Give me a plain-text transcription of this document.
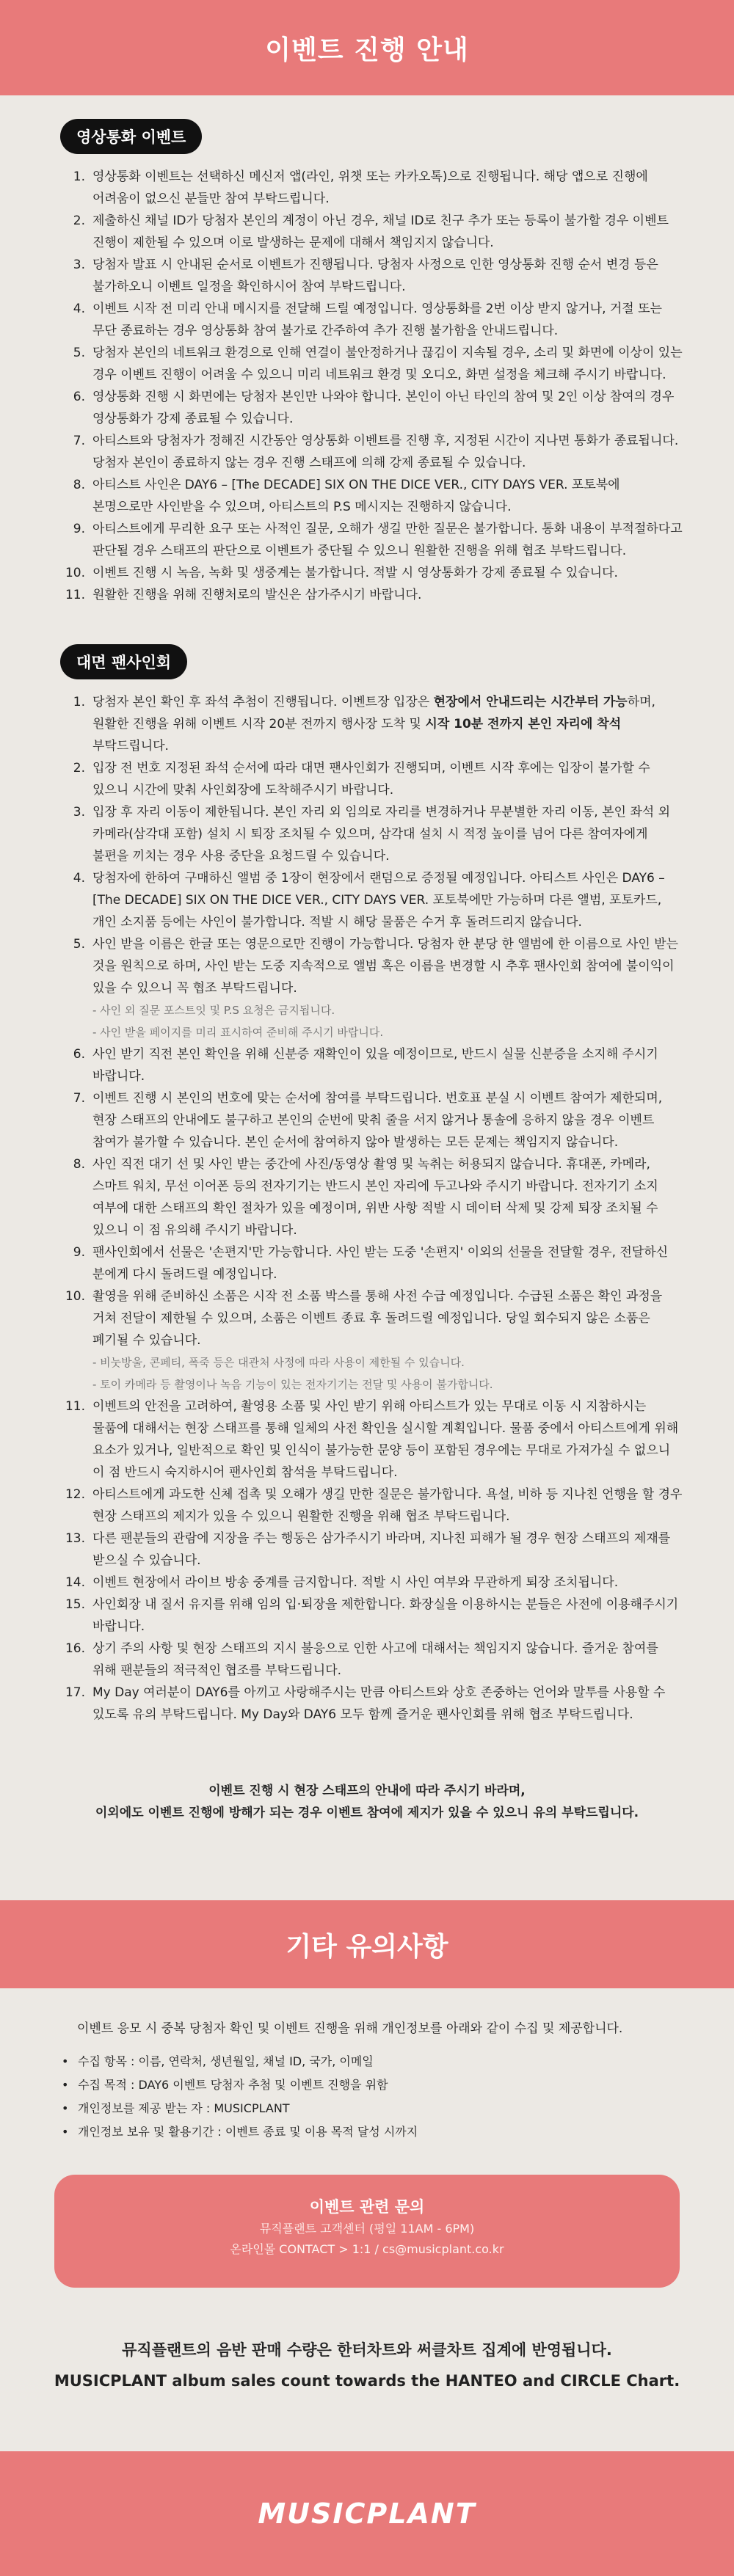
이벤트 진행 안내
영상통화 이벤트
1. 영상통화 이벤트는 선택하신 메신저 앱(라인, 위챗 또는 카카오톡)으로 진행됩니다. 해당 앱으로 진행에 어려움이 없으신 분들만 참여 부탁드립니다.
2. 제출하신 채널 ID가 당첨자 본인의 계정이 아닌 경우, 채널 ID로 친구 추가 또는 등록이 불가할 경우 이벤트 진행이 제한될 수 있으며 이로 발생하는 문제에 대해서 책임지지 않습니다.
3. 당첨자 발표 시 안내된 순서로 이벤트가 진행됩니다. 당첨자 사정으로 인한 영상통화 진행 순서 변경 등은 불가하오니 이벤트 일정을 확인하시어 참여 부탁드립니다.
4. 이벤트 시작 전 미리 안내 메시지를 전달해 드릴 예정입니다. 영상통화를 2번 이상 받지 않거나, 거절 또는 무단 종료하는 경우 영상통화 참여 불가로 간주하여 추가 진행 불가함을 안내드립니다.
5. 당첨자 본인의 네트워크 환경으로 인해 연결이 불안정하거나 끊김이 지속될 경우, 소리 및 화면에 이상이 있는 경우 이벤트 진행이 어려울 수 있으니 미리 네트워크 환경 및 오디오, 화면 설정을 체크해 주시기 바랍니다.
6. 영상통화 진행 시 화면에는 당첨자 본인만 나와야 합니다. 본인이 아닌 타인의 참여 및 2인 이상 참여의 경우 영상통화가 강제 종료될 수 있습니다.
7. 아티스트와 당첨자가 정해진 시간동안 영상통화 이벤트를 진행 후, 지정된 시간이 지나면 통화가 종료됩니다. 당첨자 본인이 종료하지 않는 경우 진행 스태프에 의해 강제 종료될 수 있습니다.
8. 아티스트 사인은 DAY6 – [The DECADE] SIX ON THE DICE VER., CITY DAYS VER. 포토북에 본명으로만 사인받을 수 있으며, 아티스트의 P.S 메시지는 진행하지 않습니다.
9. 아티스트에게 무리한 요구 또는 사적인 질문, 오해가 생길 만한 질문은 불가합니다. 통화 내용이 부적절하다고 판단될 경우 스태프의 판단으로 이벤트가 중단될 수 있으니 원활한 진행을 위해 협조 부탁드립니다.
10. 이벤트 진행 시 녹음, 녹화 및 생중계는 불가합니다. 적발 시 영상통화가 강제 종료될 수 있습니다.
11. 원활한 진행을 위해 진행처로의 발신은 삼가주시기 바랍니다.
대면 팬사인회
1. 당첨자 본인 확인 후 좌석 추첨이 진행됩니다. 이벤트장 입장은 현장에서 안내드리는 시간부터 가능하며, 원활한 진행을 위해 이벤트 시작 20분 전까지 행사장 도착 및 시작 10분 전까지 본인 자리에 착석 부탁드립니다.
2. 입장 전 번호 지정된 좌석 순서에 따라 대면 팬사인회가 진행되며, 이벤트 시작 후에는 입장이 불가할 수 있으니 시간에 맞춰 사인회장에 도착해주시기 바랍니다.
3. 입장 후 자리 이동이 제한됩니다. 본인 자리 외 임의로 자리를 변경하거나 무분별한 자리 이동, 본인 좌석 외 카메라(삼각대 포함) 설치 시 퇴장 조치될 수 있으며, 삼각대 설치 시 적정 높이를 넘어 다른 참여자에게 불편을 끼치는 경우 사용 중단을 요청드릴 수 있습니다.
4. 당첨자에 한하여 구매하신 앨범 중 1장이 현장에서 랜덤으로 증정될 예정입니다. 아티스트 사인은 DAY6 – [The DECADE] SIX ON THE DICE VER., CITY DAYS VER. 포토북에만 가능하며 다른 앨범, 포토카드, 개인 소지품 등에는 사인이 불가합니다. 적발 시 해당 물품은 수거 후 돌려드리지 않습니다.
5. 사인 받을 이름은 한글 또는 영문으로만 진행이 가능합니다. 당첨자 한 분당 한 앨범에 한 이름으로 사인 받는 것을 원칙으로 하며, 사인 받는 도중 지속적으로 앨범 혹은 이름을 변경할 시 추후 팬사인회 참여에 불이익이 있을 수 있으니 꼭 협조 부탁드립니다.
- 사인 외 질문 포스트잇 및 P.S 요청은 금지됩니다.
- 사인 받을 페이지를 미리 표시하여 준비해 주시기 바랍니다.
6. 사인 받기 직전 본인 확인을 위해 신분증 재확인이 있을 예정이므로, 반드시 실물 신분증을 소지해 주시기 바랍니다.
7. 이벤트 진행 시 본인의 번호에 맞는 순서에 참여를 부탁드립니다. 번호표 분실 시 이벤트 참여가 제한되며, 현장 스태프의 안내에도 불구하고 본인의 순번에 맞춰 줄을 서지 않거나 통솔에 응하지 않을 경우 이벤트 참여가 불가할 수 있습니다. 본인 순서에 참여하지 않아 발생하는 모든 문제는 책임지지 않습니다.
8. 사인 직전 대기 선 및 사인 받는 중간에 사진/동영상 촬영 및 녹취는 허용되지 않습니다. 휴대폰, 카메라, 스마트 워치, 무선 이어폰 등의 전자기기는 반드시 본인 자리에 두고나와 주시기 바랍니다. 전자기기 소지 여부에 대한 스태프의 확인 절차가 있을 예정이며, 위반 사항 적발 시 데이터 삭제 및 강제 퇴장 조치될 수 있으니 이 점 유의해 주시기 바랍니다.
9. 팬사인회에서 선물은 '손편지'만 가능합니다. 사인 받는 도중 '손편지' 이외의 선물을 전달할 경우, 전달하신 분에게 다시 돌려드릴 예정입니다.
10. 촬영을 위해 준비하신 소품은 시작 전 소품 박스를 통해 사전 수급 예정입니다. 수급된 소품은 확인 과정을 거쳐 전달이 제한될 수 있으며, 소품은 이벤트 종료 후 돌려드릴 예정입니다. 당일 회수되지 않은 소품은 폐기될 수 있습니다.
- 비눗방울, 콘페티, 폭죽 등은 대관처 사정에 따라 사용이 제한될 수 있습니다.
- 토이 카메라 등 촬영이나 녹음 기능이 있는 전자기기는 전달 및 사용이 불가합니다.
11. 이벤트의 안전을 고려하여, 촬영용 소품 및 사인 받기 위해 아티스트가 있는 무대로 이동 시 지참하시는 물품에 대해서는 현장 스태프를 통해 일체의 사전 확인을 실시할 계획입니다. 물품 중에서 아티스트에게 위해 요소가 있거나, 일반적으로 확인 및 인식이 불가능한 문양 등이 포함된 경우에는 무대로 가져가실 수 없으니 이 점 반드시 숙지하시어 팬사인회 참석을 부탁드립니다.
12. 아티스트에게 과도한 신체 접촉 및 오해가 생길 만한 질문은 불가합니다. 욕설, 비하 등 지나친 언행을 할 경우 현장 스태프의 제지가 있을 수 있으니 원활한 진행을 위해 협조 부탁드립니다.
13. 다른 팬분들의 관람에 지장을 주는 행동은 삼가주시기 바라며, 지나친 피해가 될 경우 현장 스태프의 제재를 받으실 수 있습니다.
14. 이벤트 현장에서 라이브 방송 중계를 금지합니다. 적발 시 사인 여부와 무관하게 퇴장 조치됩니다.
15. 사인회장 내 질서 유지를 위해 임의 입·퇴장을 제한합니다. 화장실을 이용하시는 분들은 사전에 이용해주시기 바랍니다.
16. 상기 주의 사항 및 현장 스태프의 지시 불응으로 인한 사고에 대해서는 책임지지 않습니다. 즐거운 참여를 위해 팬분들의 적극적인 협조를 부탁드립니다.
17. My Day 여러분이 DAY6를 아끼고 사랑해주시는 만큼 아티스트와 상호 존중하는 언어와 말투를 사용할 수 있도록 유의 부탁드립니다. My Day와 DAY6 모두 함께 즐거운 팬사인회를 위해 협조 부탁드립니다.
이벤트 진행 시 현장 스태프의 안내에 따라 주시기 바라며,
이외에도 이벤트 진행에 방해가 되는 경우 이벤트 참여에 제지가 있을 수 있으니 유의 부탁드립니다.
기타 유의사항
이벤트 응모 시 중복 당첨자 확인 및 이벤트 진행을 위해 개인정보를 아래와 같이 수집 및 제공합니다.
• 수집 항목 : 이름, 연락처, 생년월일, 채널 ID, 국가, 이메일
• 수집 목적 : DAY6 이벤트 당첨자 추첨 및 이벤트 진행을 위함
• 개인정보를 제공 받는 자 : MUSICPLANT
• 개인정보 보유 및 활용기간 : 이벤트 종료 및 이용 목적 달성 시까지
이벤트 관련 문의
뮤직플랜트 고객센터 (평일 11AM - 6PM)
온라인몰 CONTACT > 1:1 / cs@musicplant.co.kr
뮤직플랜트의 음반 판매 수량은 한터차트와 써클차트 집계에 반영됩니다.
MUSICPLANT album sales count towards the HANTEO and CIRCLE Chart.
MUSICPLANT
